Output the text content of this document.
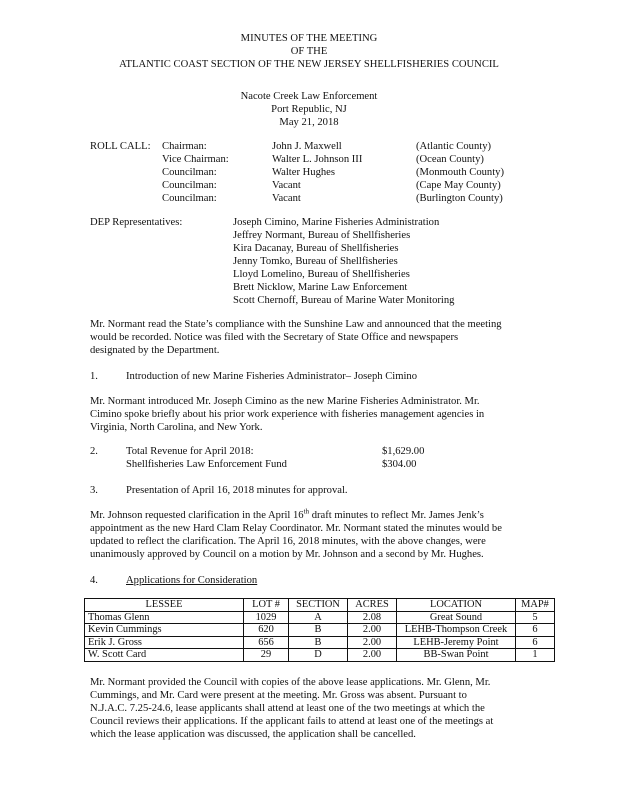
MINUTES OF THE MEETING
OF THE
ATLANTIC COAST SECTION OF THE NEW JERSEY SHELLFISHERIES COUNCIL
Nacote Creek Law Enforcement
Port Republic, NJ
May 21, 2018
ROLL CALL: Chairman:	John J. Maxwell	(Atlantic County)
Vice Chairman:	Walter L. Johnson III	(Ocean County)
Councilman:	Walter Hughes	(Monmouth County)
Councilman:	Vacant	(Cape May County)
Councilman:	Vacant	(Burlington County)
DEP Representatives:	Joseph Cimino, Marine Fisheries Administration
Jeffrey Normant, Bureau of Shellfisheries
Kira Dacanay, Bureau of Shellfisheries
Jenny Tomko, Bureau of Shellfisheries
Lloyd Lomelino, Bureau of Shellfisheries
Brett Nicklow, Marine Law Enforcement
Scott Chernoff, Bureau of Marine Water Monitoring
Mr. Normant read the State’s compliance with the Sunshine Law and announced that the meeting
would be recorded. Notice was filed with the Secretary of State Office and newspapers
designated by the Department.
1.	Introduction of new Marine Fisheries Administrator– Joseph Cimino
Mr. Normant introduced Mr. Joseph Cimino as the new Marine Fisheries Administrator. Mr.
Cimino spoke briefly about his prior work experience with fisheries management agencies in
Virginia, North Carolina, and New York.
2.	Total Revenue for April 2018:	$1,629.00
Shellfisheries Law Enforcement Fund	$304.00
3.	Presentation of April 16, 2018 minutes for approval.
Mr. Johnson requested clarification in the April 16th draft minutes to reflect Mr. James Jenk’s
appointment as the new Hard Clam Relay Coordinator. Mr. Normant stated the minutes would be
updated to reflect the clarification. The April 16, 2018 minutes, with the above changes, were
unanimously approved by Council on a motion by Mr. Johnson and a second by Mr. Hughes.
4.	Applications for Consideration
LESSEE	LOT #	SECTION	ACRES	LOCATION	MAP#
Thomas Glenn	1029	A	2.08	Great Sound	5
Kevin Cummings	620	B	2.00	LEHB-Thompson Creek	6
Erik J. Gross	656	B	2.00	LEHB-Jeremy Point	6
W. Scott Card	29	D	2.00	BB-Swan Point	1
Mr. Normant provided the Council with copies of the above lease applications. Mr. Glenn, Mr.
Cummings, and Mr. Card were present at the meeting. Mr. Gross was absent. Pursuant to
N.J.A.C. 7.25-24.6, lease applicants shall attend at least one of the two meetings at which the
Council reviews their applications. If the applicant fails to attend at least one of the meetings at
which the lease application was discussed, the application shall be cancelled.
